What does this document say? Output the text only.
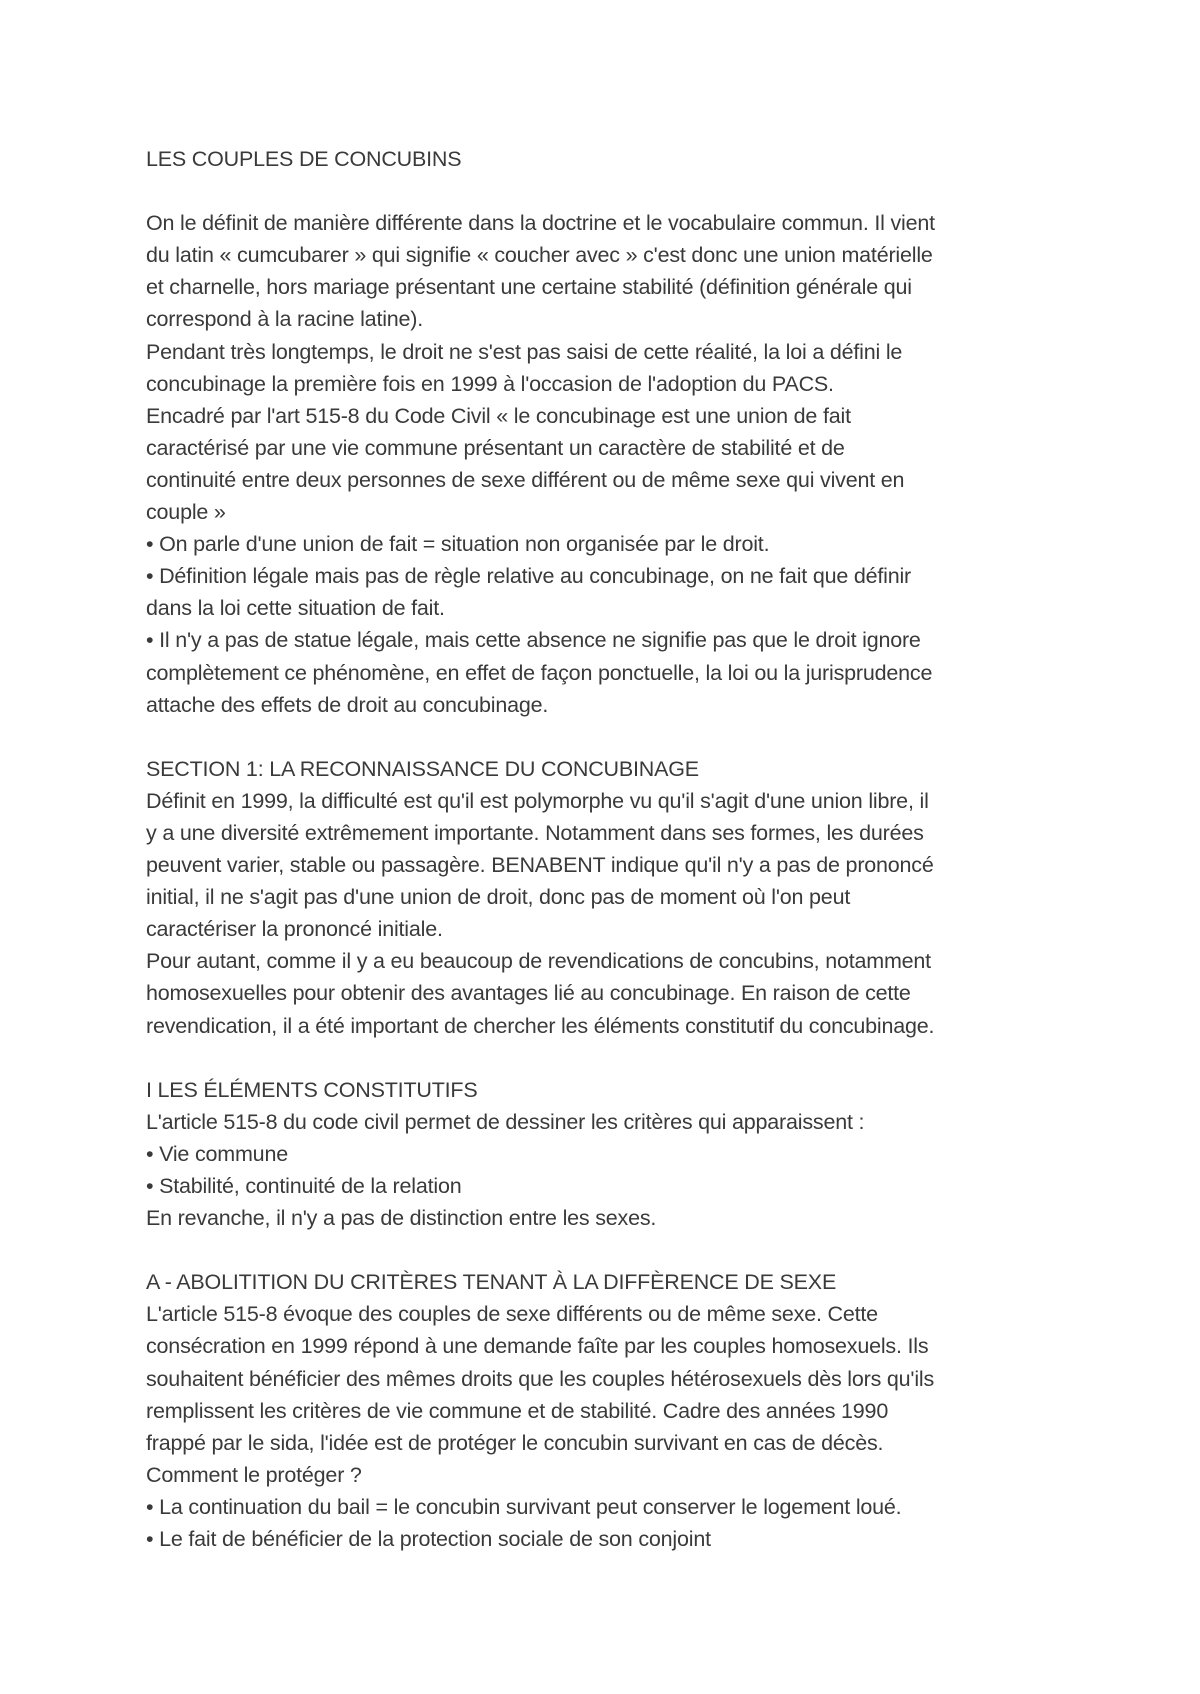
LES COUPLES DE CONCUBINS
On le définit de manière différente dans la doctrine et le vocabulaire commun. Il vient
du latin « cumcubarer » qui signifie « coucher avec » c'est donc une union matérielle
et charnelle, hors mariage présentant une certaine stabilité (définition générale qui
correspond à la racine latine).
Pendant très longtemps, le droit ne s'est pas saisi de cette réalité, la loi a défini le
concubinage la première fois en 1999 à l'occasion de l'adoption du PACS.
Encadré par l'art 515-8 du Code Civil « le concubinage est une union de fait
caractérisé par une vie commune présentant un caractère de stabilité et de
continuité entre deux personnes de sexe différent ou de même sexe qui vivent en
couple »
• On parle d'une union de fait = situation non organisée par le droit.
• Définition légale mais pas de règle relative au concubinage, on ne fait que définir
dans la loi cette situation de fait.
• Il n'y a pas de statue légale, mais cette absence ne signifie pas que le droit ignore
complètement ce phénomène, en effet de façon ponctuelle, la loi ou la jurisprudence
attache des effets de droit au concubinage.
SECTION 1: LA RECONNAISSANCE DU CONCUBINAGE
Définit en 1999, la difficulté est qu'il est polymorphe vu qu'il s'agit d'une union libre, il
y a une diversité extrêmement importante. Notamment dans ses formes, les durées
peuvent varier, stable ou passagère. BENABENT indique qu'il n'y a pas de prononcé
initial, il ne s'agit pas d'une union de droit, donc pas de moment où l'on peut
caractériser la prononcé initiale.
Pour autant, comme il y a eu beaucoup de revendications de concubins, notamment
homosexuelles pour obtenir des avantages lié au concubinage. En raison de cette
revendication, il a été important de chercher les éléments constitutif du concubinage.
I LES ÉLÉMENTS CONSTITUTIFS
L'article 515-8 du code civil permet de dessiner les critères qui apparaissent :
• Vie commune
• Stabilité, continuité de la relation
En revanche, il n'y a pas de distinction entre les sexes.
A - ABOLITITION DU CRITÈRES TENANT À LA DIFFÈRENCE DE SEXE
L'article 515-8 évoque des couples de sexe différents ou de même sexe. Cette
consécration en 1999 répond à une demande faîte par les couples homosexuels. Ils
souhaitent bénéficier des mêmes droits que les couples hétérosexuels dès lors qu'ils
remplissent les critères de vie commune et de stabilité. Cadre des années 1990
frappé par le sida, l'idée est de protéger le concubin survivant en cas de décès.
Comment le protéger ?
• La continuation du bail = le concubin survivant peut conserver le logement loué.
• Le fait de bénéficier de la protection sociale de son conjoint
